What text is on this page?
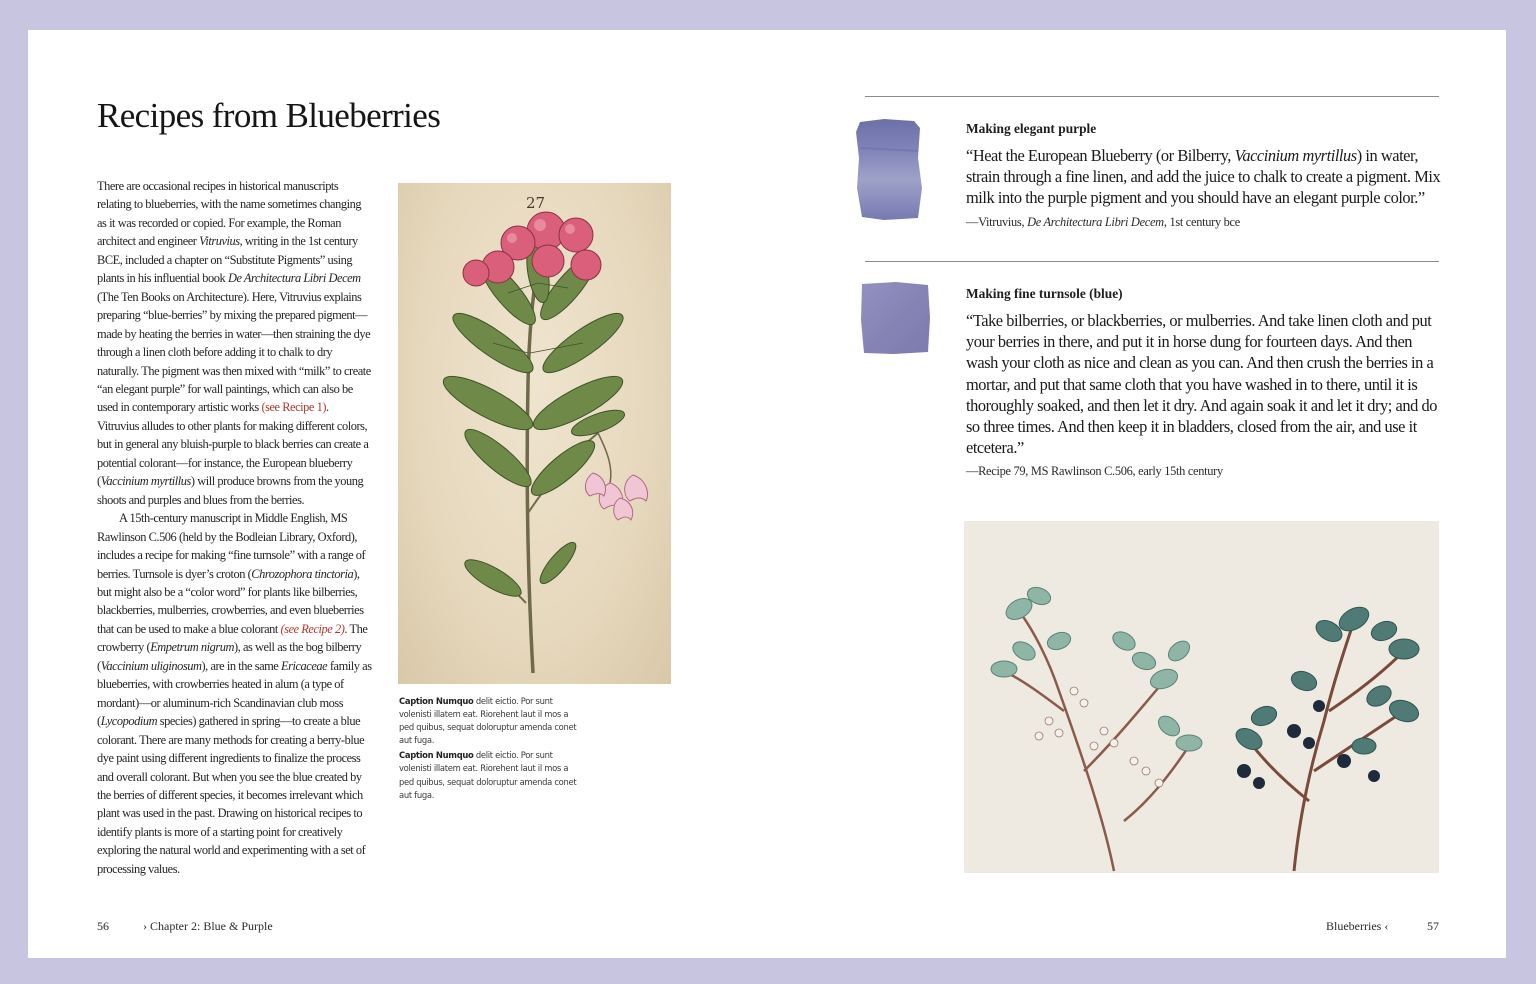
Recipes from Blueberries

There are occasional recipes in historical manuscripts relating to blueberries, with the name sometimes changing as it was recorded or copied. For example, the Roman architect and engineer Vitruvius, writing in the 1st century BCE, included a chapter on “Substitute Pigments” using plants in his influential book De Architectura Libri Decem (The Ten Books on Architecture). Here, Vitruvius explains preparing “blue-berries” by mixing the prepared pigment—made by heating the berries in water—then straining the dye through a linen cloth before adding it to chalk to dry naturally. The pigment was then mixed with “milk” to create “an elegant purple” for wall paintings, which can also be used in contemporary artistic works (see Recipe 1). Vitruvius alludes to other plants for making different colors, but in general any bluish-purple to black berries can create a potential colorant—for instance, the European blueberry (Vaccinium myrtillus) will produce browns from the young shoots and purples and blues from the berries.

A 15th-century manuscript in Middle English, MS Rawlinson C.506 (held by the Bodleian Library, Oxford), includes a recipe for making “fine turnsole” with a range of berries. Turnsole is dyer’s croton (Chrozophora tinctoria), but might also be a “color word” for plants like bilberries, blackberries, mulberries, crowberries, and even blueberries that can be used to make a blue colorant (see Recipe 2). The crowberry (Empetrum nigrum), as well as the bog bilberry (Vaccinium uliginosum), are in the same Ericaceae family as blueberries, with crowberries heated in alum (a type of mordant)—or aluminum-rich Scandinavian club moss (Lycopodium species) gathered in spring—to create a blue colorant. There are many methods for creating a berry-blue dye paint using different ingredients to finalize the process and overall colorant. But when you see the blue created by the berries of different species, it becomes irrelevant which plant was used in the past. Drawing on historical recipes to identify plants is more of a starting point for creatively exploring the natural world and experimenting with a set of processing values.

27

Caption Numquo delit eictio. Por sunt volenisti illatem eat. Riorehent laut il mos a ped quibus, sequat doloruptur amenda conet aut fuga.

Caption Numquo delit eictio. Por sunt volenisti illatem eat. Riorehent laut il mos a ped quibus, sequat doloruptur amenda conet aut fuga.

56	› Chapter 2: Blue & Purple
Making elegant purple

“Heat the European Blueberry (or Bilberry, Vaccinium myrtillus) in water, strain through a fine linen, and add the juice to chalk to create a pigment. Mix milk into the purple pigment and you should have an elegant purple color.”

—Vitruvius, De Architectura Libri Decem, 1st century bce

Making fine turnsole (blue)

“Take bilberries, or blackberries, or mulberries. And take linen cloth and put your berries in there, and put it in horse dung for fourteen days. And then wash your cloth as nice and clean as you can. And then crush the berries in a mortar, and put that same cloth that you have washed in to there, until it is thoroughly soaked, and then let it dry. And again soak it and let it dry; and do so three times. And then keep it in bladders, closed from the air, and use it etcetera.”

—Recipe 79, MS Rawlinson C.506, early 15th century

Blueberries ‹	57
